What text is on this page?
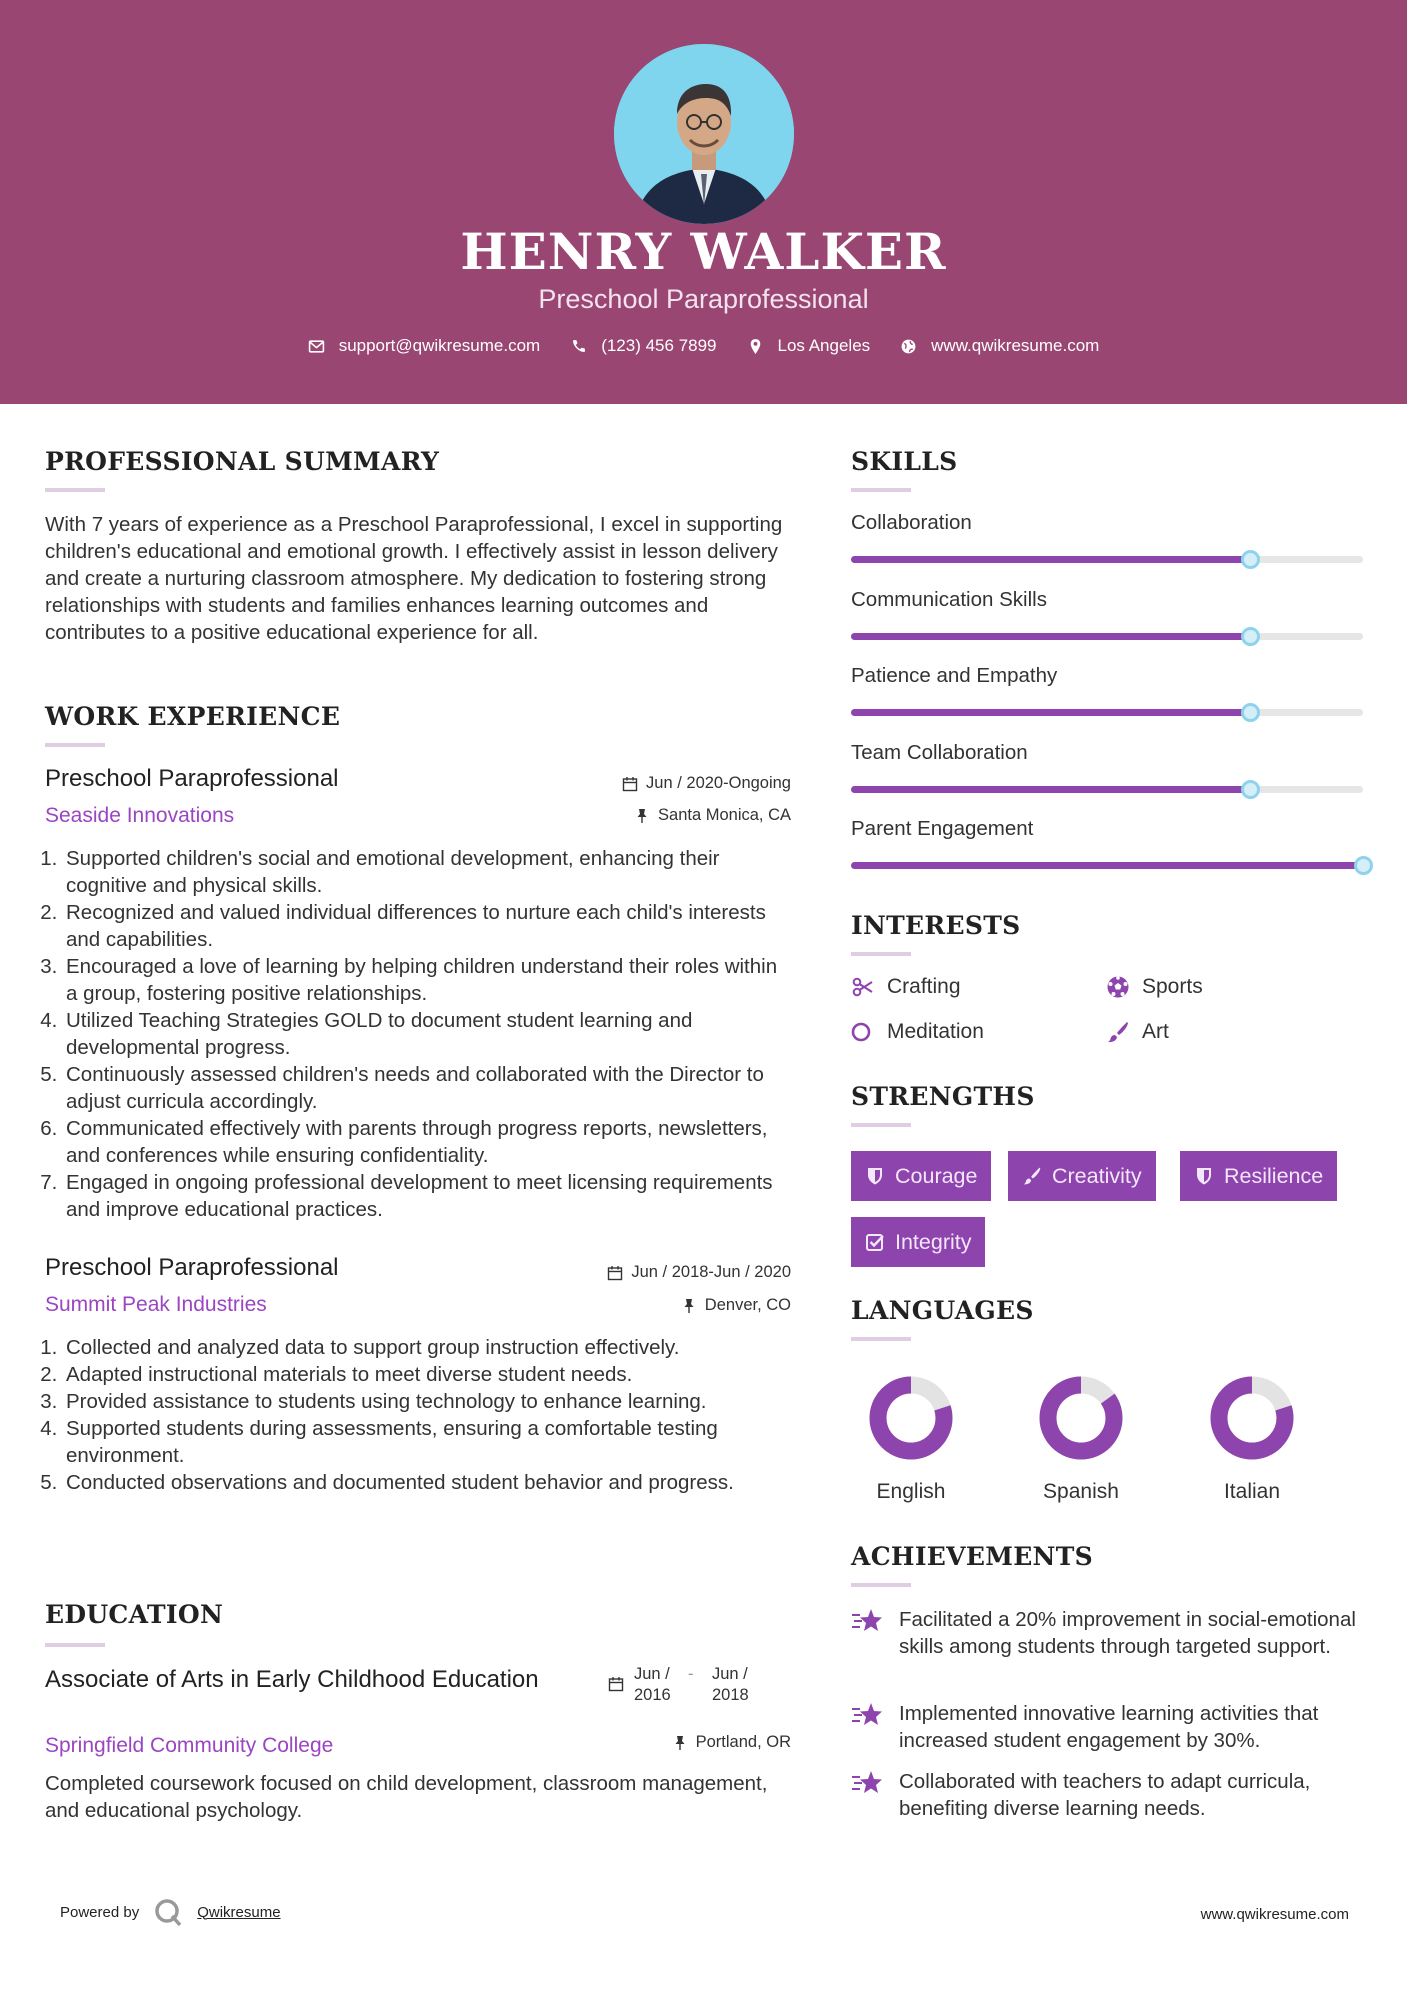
HENRY WALKER
Preschool Paraprofessional
support@qwikresume.com	(123) 456 7899	Los Angeles	www.qwikresume.com
PROFESSIONAL SUMMARY
With 7 years of experience as a Preschool Paraprofessional, I excel in supporting children's educational and emotional growth. I effectively assist in lesson delivery and create a nurturing classroom atmosphere. My dedication to fostering strong relationships with students and families enhances learning outcomes and contributes to a positive educational experience for all.
WORK EXPERIENCE
Preschool Paraprofessional	Jun / 2020-Ongoing
Seaside Innovations	Santa Monica, CA
1. Supported children's social and emotional development, enhancing their cognitive and physical skills.
2. Recognized and valued individual differences to nurture each child's interests and capabilities.
3. Encouraged a love of learning by helping children understand their roles within a group, fostering positive relationships.
4. Utilized Teaching Strategies GOLD to document student learning and developmental progress.
5. Continuously assessed children's needs and collaborated with the Director to adjust curricula accordingly.
6. Communicated effectively with parents through progress reports, newsletters, and conferences while ensuring confidentiality.
7. Engaged in ongoing professional development to meet licensing requirements and improve educational practices.
Preschool Paraprofessional	Jun / 2018-Jun / 2020
Summit Peak Industries	Denver, CO
1. Collected and analyzed data to support group instruction effectively.
2. Adapted instructional materials to meet diverse student needs.
3. Provided assistance to students using technology to enhance learning.
4. Supported students during assessments, ensuring a comfortable testing environment.
5. Conducted observations and documented student behavior and progress.
EDUCATION
Associate of Arts in Early Childhood Education	Jun / 2016
-	Jun / 2018
Springfield Community College	Portland, OR
Completed coursework focused on child development, classroom management, and educational psychology.
SKILLS
Collaboration
Communication Skills
Patience and Empathy
Team Collaboration
Parent Engagement
INTERESTS
Crafting	Sports
Meditation	Art
STRENGTHS
Courage	Creativity	Resilience
Integrity
LANGUAGES
English	Spanish	Italian
ACHIEVEMENTS
Facilitated a 20% improvement in social-emotional skills among students through targeted support.
Implemented innovative learning activities that increased student engagement by 30%.
Collaborated with teachers to adapt curricula, benefiting diverse learning needs.
Powered by	Qwikresume	www.qwikresume.com
